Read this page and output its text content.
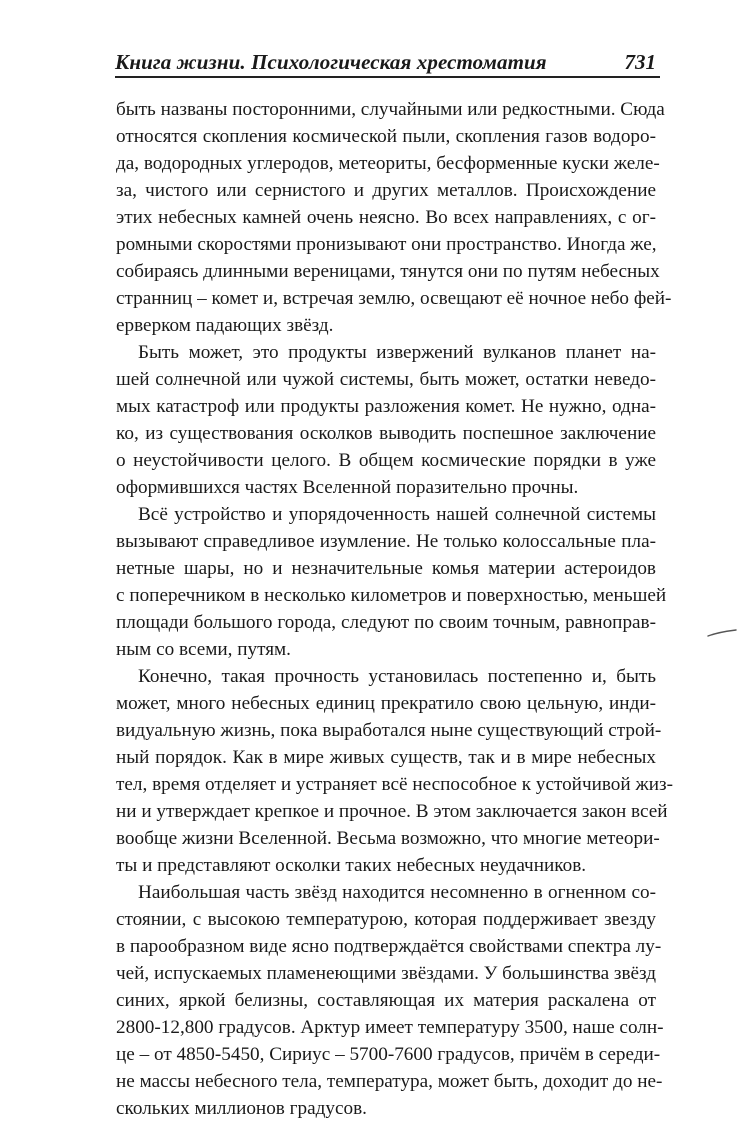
Книга жизни. Психологическая хрестоматия	731
быть названы посторонними, случайными или редкостными. Сюда
относятся скопления космической пыли, скопления газов водоро-
да, водородных углеродов, метеориты, бесформенные куски желе-
за, чистого или сернистого и других металлов. Происхождение
этих небесных камней очень неясно. Во всех направлениях, с ог-
ромными скоростями пронизывают они пространство. Иногда же,
собираясь длинными вереницами, тянутся они по путям небесных
странниц – комет и, встречая землю, освещают её ночное небо фей-
ерверком падающих звёзд.
Быть может, это продукты извержений вулканов планет на-
шей солнечной или чужой системы, быть может, остатки неведо-
мых катастроф или продукты разложения комет. Не нужно, одна-
ко, из существования осколков выводить поспешное заключение
о неустойчивости целого. В общем космические порядки в уже
оформившихся частях Вселенной поразительно прочны.
Всё устройство и упорядоченность нашей солнечной системы
вызывают справедливое изумление. Не только колоссальные пла-
нетные шары, но и незначительные комья материи астероидов
с поперечником в несколько километров и поверхностью, меньшей
площади большого города, следуют по своим точным, равноправ-
ным со всеми, путям.
Конечно, такая прочность установилась постепенно и, быть
может, много небесных единиц прекратило свою цельную, инди-
видуальную жизнь, пока выработался ныне существующий строй-
ный порядок. Как в мире живых существ, так и в мире небесных
тел, время отделяет и устраняет всё неспособное к устойчивой жиз-
ни и утверждает крепкое и прочное. В этом заключается закон всей
вообще жизни Вселенной. Весьма возможно, что многие метеори-
ты и представляют осколки таких небесных неудачников.
Наибольшая часть звёзд находится несомненно в огненном со-
стоянии, с высокою температурою, которая поддерживает звезду
в парообразном виде ясно подтверждаётся свойствами спектра лу-
чей, испускаемых пламенеющими звёздами. У большинства звёзд
синих, яркой белизны, составляющая их материя раскалена от
2800-12,800 градусов. Арктур имеет температуру 3500, наше солн-
це – от 4850-5450, Сириус – 5700-7600 градусов, причём в середи-
не массы небесного тела, температура, может быть, доходит до не-
скольких миллионов градусов.
